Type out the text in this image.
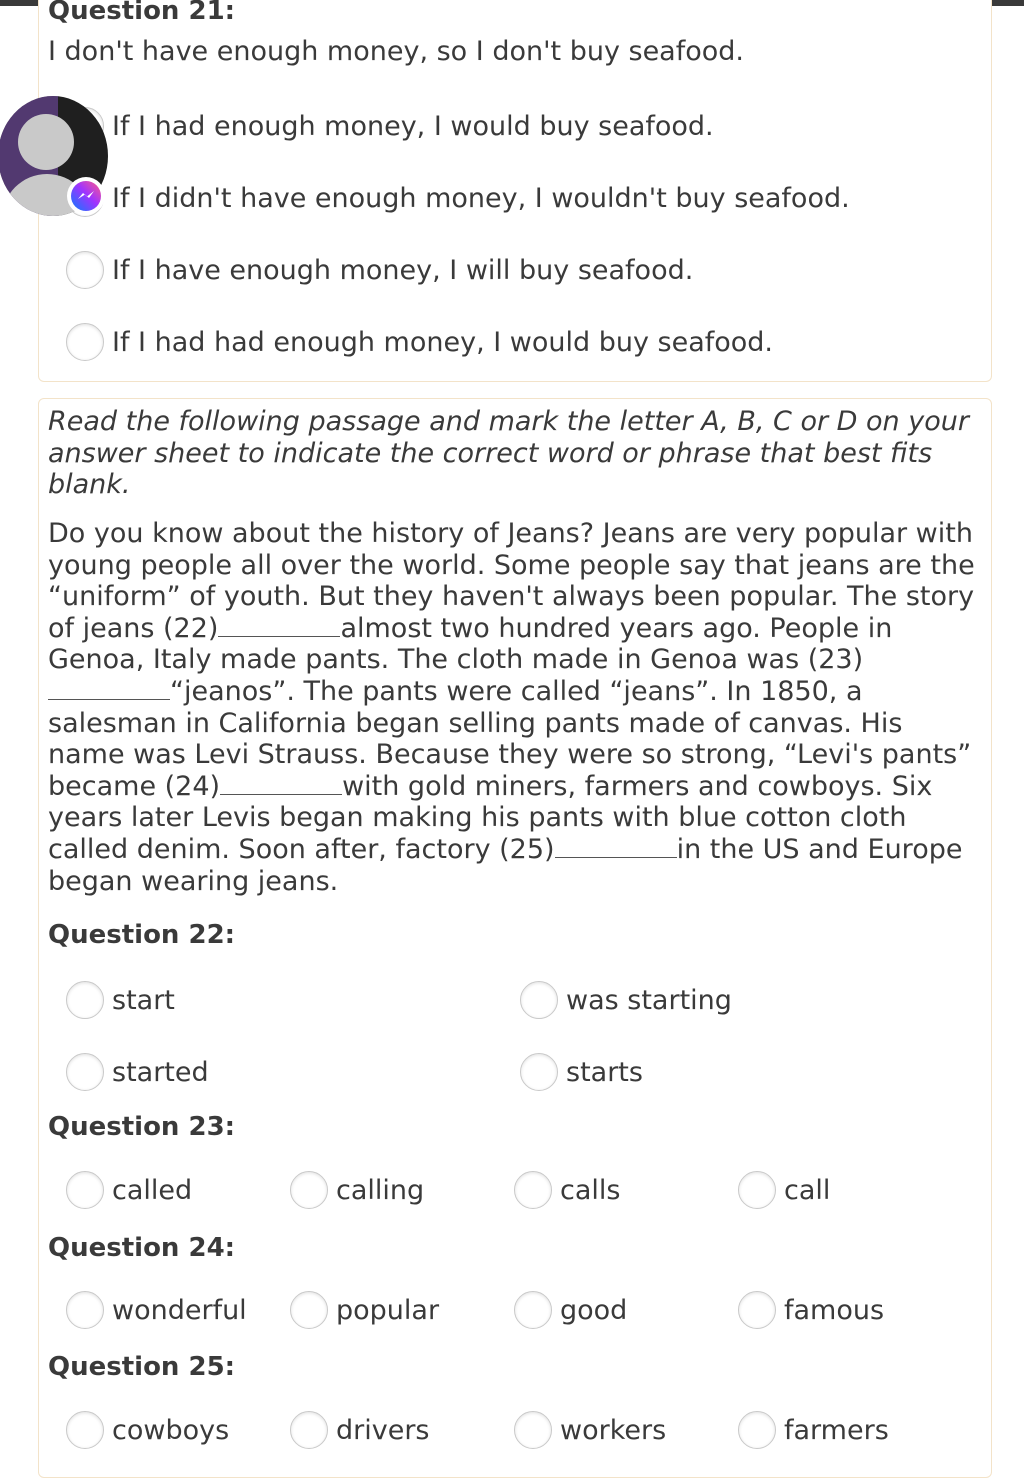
Question 21:
I don't have enough money, so I don't buy seafood.
If I had enough money, I would buy seafood.
If I didn't have enough money, I wouldn't buy seafood.
If I have enough money, I will buy seafood.
If I had had enough money, I would buy seafood.
Read the following passage and mark the letter A, B, C or D on your answer sheet to indicate the correct word or phrase that best fits blank.
Do you know about the history of Jeans? Jeans are very popular with young people all over the world. Some people say that jeans are the “uniform” of youth. But they haven't always been popular. The story of jeans (22)	almost two hundred years ago. People in Genoa, Italy made pants. The cloth made in Genoa was (23)“jeanos”. The pants were called “jeans”. In 1850, a salesman in California began selling pants made of canvas. His name was Levi Strauss. Because they were so strong, “Levi's pants” became (24)	with gold miners, farmers and cowboys. Six years later Levis began making his pants with blue cotton cloth called denim. Soon after, factory (25)	in the US and Europe began wearing jeans.
Question 22:
start	was starting
started	starts
Question 23:
called	calling	calls	call
Question 24:
wonderful	popular	good	famous
Question 25:
cowboys	drivers	workers	farmers
